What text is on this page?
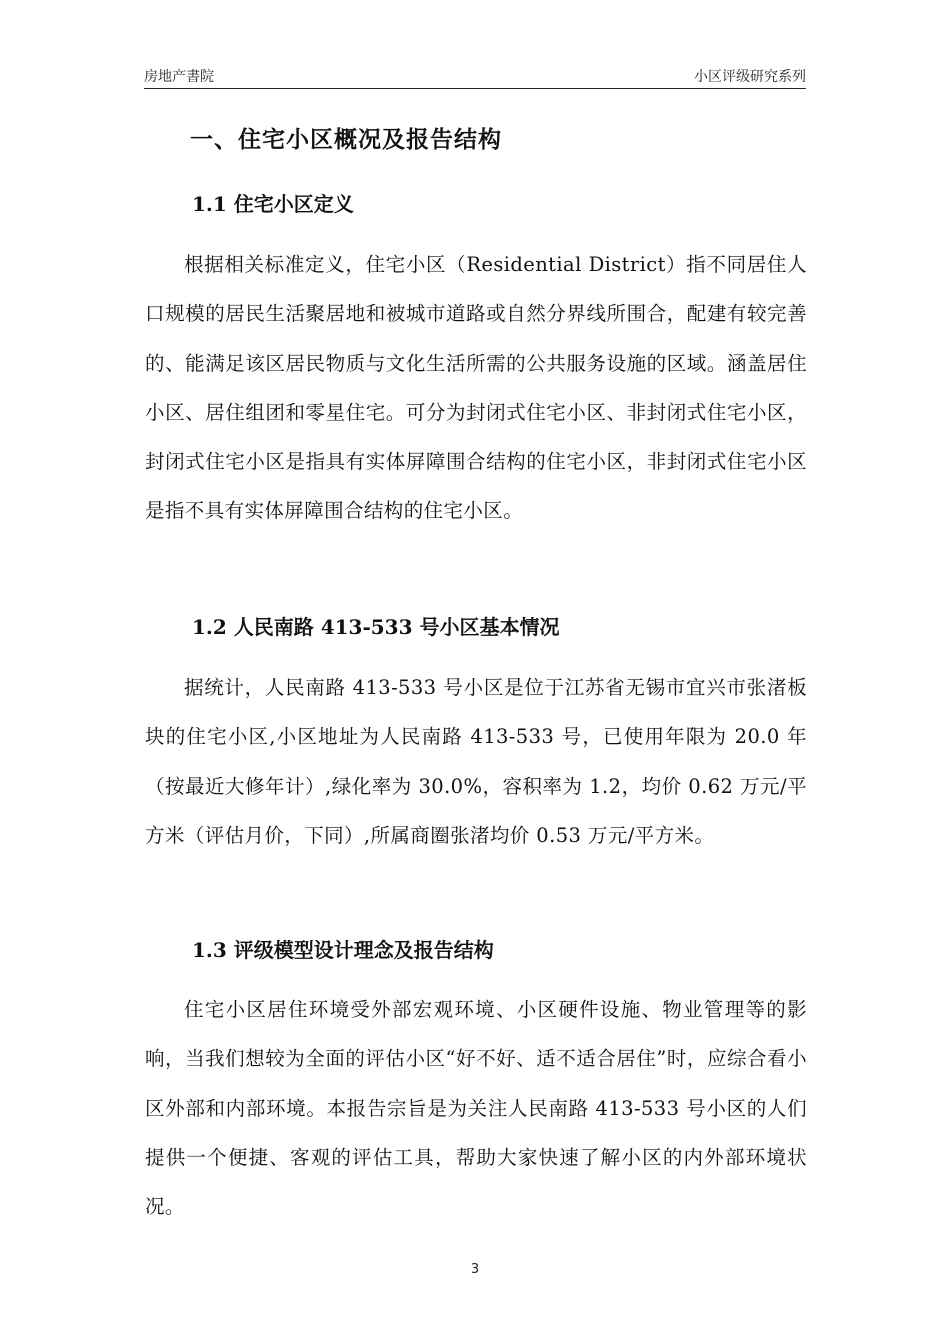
房地产書院	小区评级研究系列
一、住宅小区概况及报告结构
1.1 住宅小区定义

根据相关标准定义，住宅小区（Residential District）指不同居住人口规模的居民生活聚居地和被城市道路或自然分界线所围合，配建有较完善的、能满足该区居民物质与文化生活所需的公共服务设施的区域。涵盖居住小区、居住组团和零星住宅。可分为封闭式住宅小区、非封闭式住宅小区，封闭式住宅小区是指具有实体屏障围合结构的住宅小区，非封闭式住宅小区是指不具有实体屏障围合结构的住宅小区。

1.2 人民南路 413-533 号小区基本情况

据统计，人民南路 413-533 号小区是位于江苏省无锡市宜兴市张渚板块的住宅小区,小区地址为人民南路 413-533 号，已使用年限为 20.0 年（按最近大修年计）,绿化率为 30.0%，容积率为 1.2，均价 0.62 万元/平方米（评估月价，下同）,所属商圈张渚均价 0.53 万元/平方米。

1.3 评级模型设计理念及报告结构

住宅小区居住环境受外部宏观环境、小区硬件设施、物业管理等的影响，当我们想较为全面的评估小区“好不好、适不适合居住”时，应综合看小区外部和内部环境。本报告宗旨是为关注人民南路 413-533 号小区的人们提供一个便捷、客观的评估工具，帮助大家快速了解小区的内外部环境状况。

3
